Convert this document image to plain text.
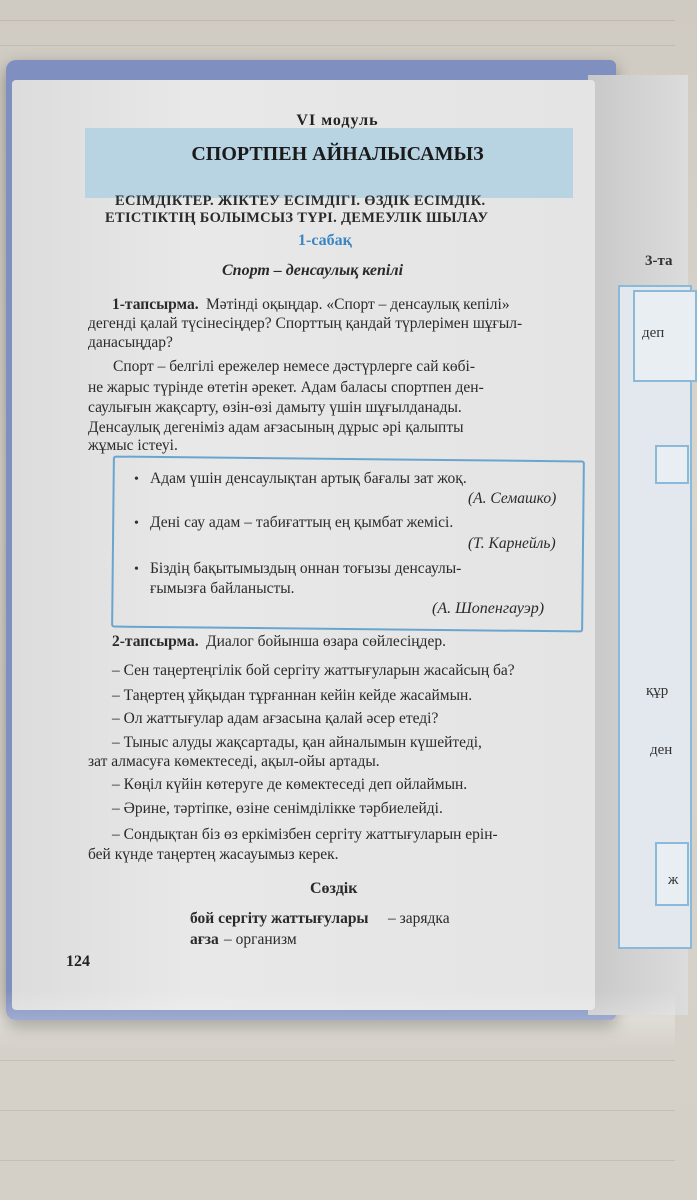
3-та
деп
құр
ден
ж
VI модуль
СПОРТПЕН АЙНАЛЫСАМЫЗ
ЕСІМДІКТЕР. ЖІКТЕУ ЕСІМДІГІ. ӨЗДІК ЕСІМДІК.
ЕТІСТІКТІҢ БОЛЫМСЫЗ ТҮРІ. ДЕМЕУЛІК ШЫЛАУ
1-сабақ
Спорт – денсаулық кепілі
1-тапсырма. Мәтінді оқыңдар. «Спорт – денсаулық кепілі»
дегенді қалай түсінесіңдер? Спорттың қандай түрлерімен шұғыл-
данасыңдар?
Спорт – белгілі ережелер немесе дәстүрлерге сай көбі-
не жарыс түрінде өтетін әрекет. Адам баласы спортпен ден-
саулығын жақсарту, өзін-өзі дамыту үшін шұғылданады.
Денсаулық дегеніміз адам ағзасының дұрыс әрі қалыпты
жұмыс істеуі.
• Адам үшін денсаулықтан артық бағалы зат жоқ.
(А. Семашко)
• Дені сау адам – табиғаттың ең қымбат жемісі.
(Т. Карнейль)
• Біздің бақытымыздың оннан тоғызы денсаулы-
ғымызға байланысты.
(А. Шопенгауэр)
2-тапсырма. Диалог бойынша өзара сөйлесіңдер.
– Сен таңертеңгілік бой сергіту жаттығуларын жасайсың ба?
– Таңертең ұйқыдан тұрғаннан кейін кейде жасаймын.
– Ол жаттығулар адам ағзасына қалай әсер етеді?
– Тыныс алуды жақсартады, қан айналымын күшейтеді,
зат алмасуға көмектеседі, ақыл-ойы артады.
– Көңіл күйін көтеруге де көмектеседі деп ойлаймын.
– Әрине, тәртіпке, өзіне сенімділікке тәрбиелейді.
– Сондықтан біз өз еркімізбен сергіту жаттығуларын ерін-
бей күнде таңертең жасауымыз керек.
Сөздік
бой сергіту жаттығулары – зарядка
ағза – организм
124
